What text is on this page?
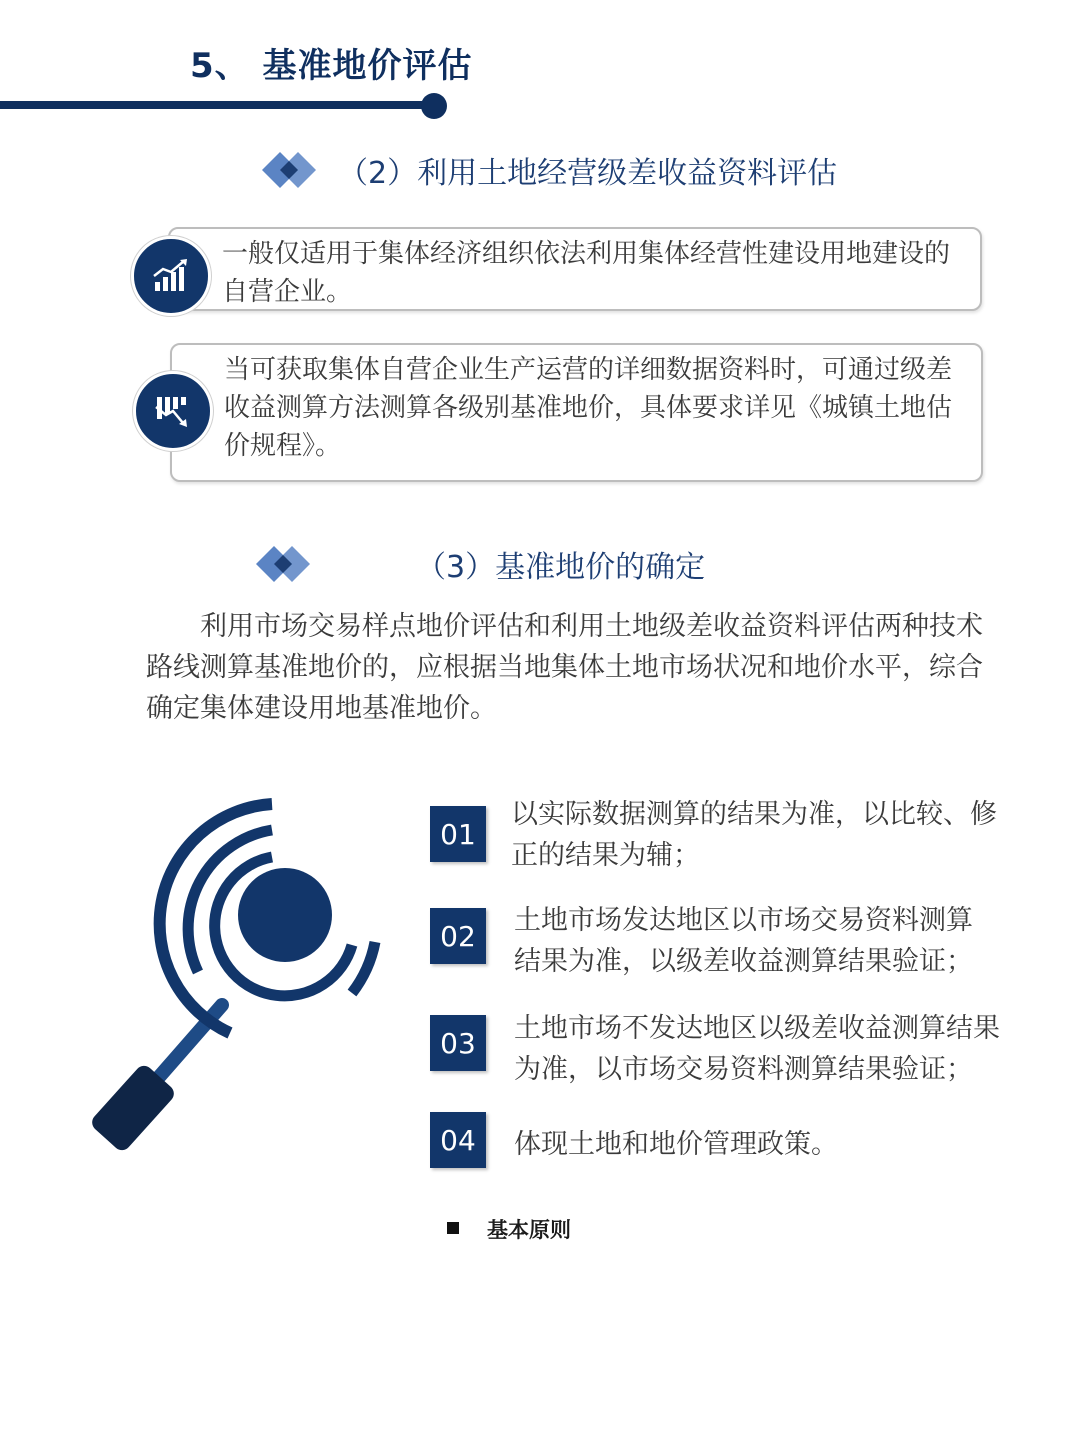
5、 基准地价评估
（2）利用土地经营级差收益资料评估
一般仅适用于集体经济组织依法利用集体经营性建设用地建设的自营企业。
当可获取集体自营企业生产运营的详细数据资料时，可通过级差收益测算方法测算各级别基准地价，具体要求详见《城镇土地估价规程》。
（3）基准地价的确定
利用市场交易样点地价评估和利用土地级差收益资料评估两种技术路线测算基准地价的，应根据当地集体土地市场状况和地价水平，综合确定集体建设用地基准地价。
01
以实际数据测算的结果为准，以比较、修正的结果为辅；
02	土地市场发达地区以市场交易资料测算结果为准，以级差收益测算结果验证；
03	土地市场不发达地区以级差收益测算结果为准，以市场交易资料测算结果验证；
04	体现土地和地价管理政策。
基本原则
